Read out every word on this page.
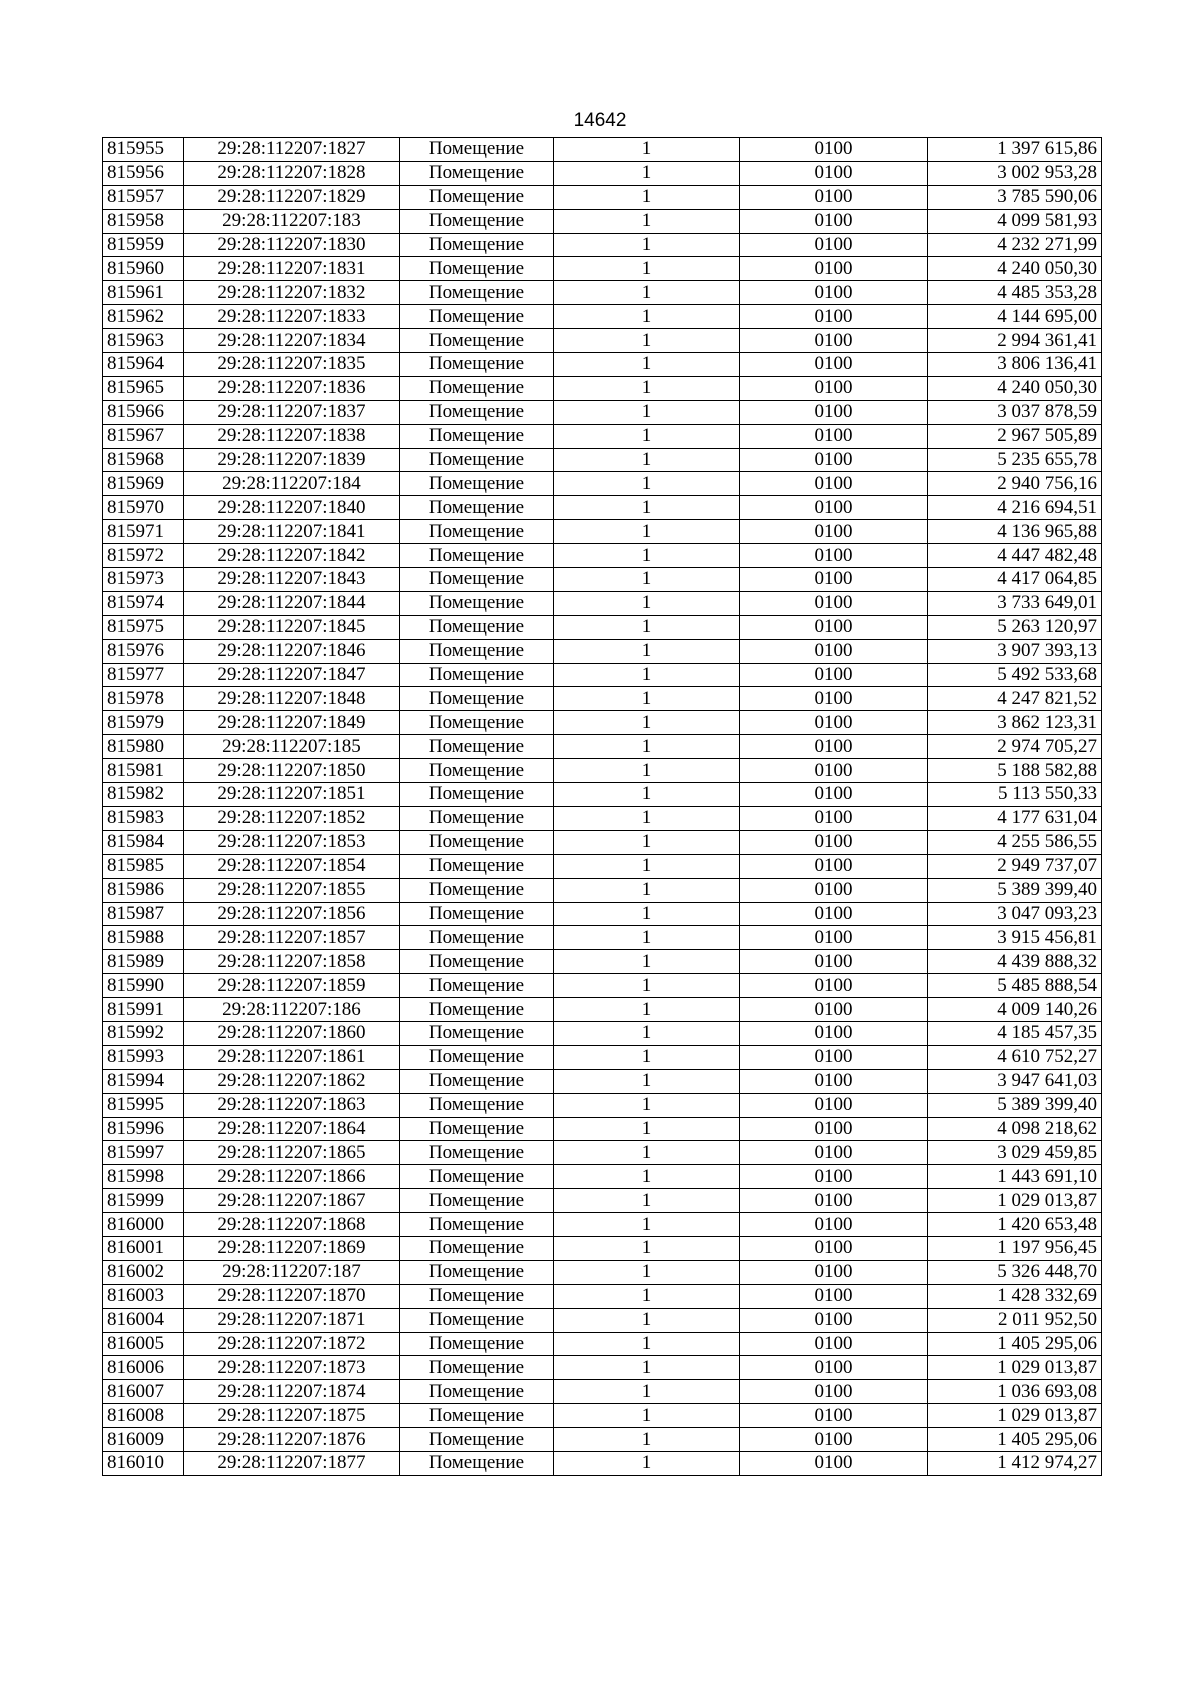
14642
815955	29:28:112207:1827	Помещение	1	0100	1 397 615,86
815956	29:28:112207:1828	Помещение	1	0100	3 002 953,28
815957	29:28:112207:1829	Помещение	1	0100	3 785 590,06
815958	29:28:112207:183	Помещение	1	0100	4 099 581,93
815959	29:28:112207:1830	Помещение	1	0100	4 232 271,99
815960	29:28:112207:1831	Помещение	1	0100	4 240 050,30
815961	29:28:112207:1832	Помещение	1	0100	4 485 353,28
815962	29:28:112207:1833	Помещение	1	0100	4 144 695,00
815963	29:28:112207:1834	Помещение	1	0100	2 994 361,41
815964	29:28:112207:1835	Помещение	1	0100	3 806 136,41
815965	29:28:112207:1836	Помещение	1	0100	4 240 050,30
815966	29:28:112207:1837	Помещение	1	0100	3 037 878,59
815967	29:28:112207:1838	Помещение	1	0100	2 967 505,89
815968	29:28:112207:1839	Помещение	1	0100	5 235 655,78
815969	29:28:112207:184	Помещение	1	0100	2 940 756,16
815970	29:28:112207:1840	Помещение	1	0100	4 216 694,51
815971	29:28:112207:1841	Помещение	1	0100	4 136 965,88
815972	29:28:112207:1842	Помещение	1	0100	4 447 482,48
815973	29:28:112207:1843	Помещение	1	0100	4 417 064,85
815974	29:28:112207:1844	Помещение	1	0100	3 733 649,01
815975	29:28:112207:1845	Помещение	1	0100	5 263 120,97
815976	29:28:112207:1846	Помещение	1	0100	3 907 393,13
815977	29:28:112207:1847	Помещение	1	0100	5 492 533,68
815978	29:28:112207:1848	Помещение	1	0100	4 247 821,52
815979	29:28:112207:1849	Помещение	1	0100	3 862 123,31
815980	29:28:112207:185	Помещение	1	0100	2 974 705,27
815981	29:28:112207:1850	Помещение	1	0100	5 188 582,88
815982	29:28:112207:1851	Помещение	1	0100	5 113 550,33
815983	29:28:112207:1852	Помещение	1	0100	4 177 631,04
815984	29:28:112207:1853	Помещение	1	0100	4 255 586,55
815985	29:28:112207:1854	Помещение	1	0100	2 949 737,07
815986	29:28:112207:1855	Помещение	1	0100	5 389 399,40
815987	29:28:112207:1856	Помещение	1	0100	3 047 093,23
815988	29:28:112207:1857	Помещение	1	0100	3 915 456,81
815989	29:28:112207:1858	Помещение	1	0100	4 439 888,32
815990	29:28:112207:1859	Помещение	1	0100	5 485 888,54
815991	29:28:112207:186	Помещение	1	0100	4 009 140,26
815992	29:28:112207:1860	Помещение	1	0100	4 185 457,35
815993	29:28:112207:1861	Помещение	1	0100	4 610 752,27
815994	29:28:112207:1862	Помещение	1	0100	3 947 641,03
815995	29:28:112207:1863	Помещение	1	0100	5 389 399,40
815996	29:28:112207:1864	Помещение	1	0100	4 098 218,62
815997	29:28:112207:1865	Помещение	1	0100	3 029 459,85
815998	29:28:112207:1866	Помещение	1	0100	1 443 691,10
815999	29:28:112207:1867	Помещение	1	0100	1 029 013,87
816000	29:28:112207:1868	Помещение	1	0100	1 420 653,48
816001	29:28:112207:1869	Помещение	1	0100	1 197 956,45
816002	29:28:112207:187	Помещение	1	0100	5 326 448,70
816003	29:28:112207:1870	Помещение	1	0100	1 428 332,69
816004	29:28:112207:1871	Помещение	1	0100	2 011 952,50
816005	29:28:112207:1872	Помещение	1	0100	1 405 295,06
816006	29:28:112207:1873	Помещение	1	0100	1 029 013,87
816007	29:28:112207:1874	Помещение	1	0100	1 036 693,08
816008	29:28:112207:1875	Помещение	1	0100	1 029 013,87
816009	29:28:112207:1876	Помещение	1	0100	1 405 295,06
816010	29:28:112207:1877	Помещение	1	0100	1 412 974,27
